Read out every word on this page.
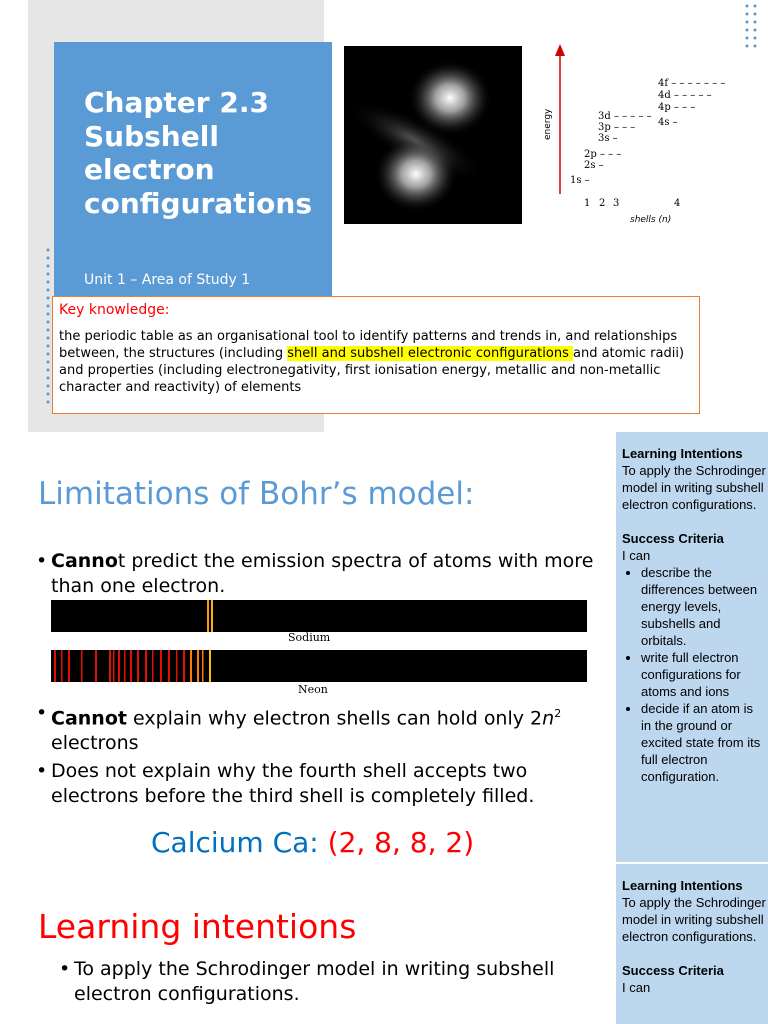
Chapter 2.3 Subshell electron configurations
Unit 1 – Area of Study 1
energy
1s –
2s –
2p – – –
3s –
3p – – –
3d – – – – –
4s –
4p – – –
4d – – – – –
4f – – – – – – –
1 2 3	4
shells (n)
Key knowledge:
the periodic table as an organisational tool to identify patterns and trends in, and relationships between, the structures (including shell and subshell electronic configurations and atomic radii) and properties (including electronegativity, first ionisation energy, metallic and non-metallic character and reactivity) of elements
Limitations of Bohr’s model:
• Cannot predict the emission spectra of atoms with more than one electron.
Sodium
Neon
• Cannot explain why electron shells can hold only $2n^2$ electrons
• Does not explain why the fourth shell accepts two electrons before the third shell is completely filled.
Calcium Ca: (2, 8, 8, 2)
Learning intentions
• To apply the Schrodinger model in writing subshell electron configurations.
Learning Intentions
To apply the Schrodinger model in writing subshell electron configurations.
Success Criteria
I can
• describe the differences between energy levels, subshells and orbitals.
• write full electron configurations for atoms and ions
• decide if an atom is in the ground or excited state from its full electron configuration.
Learning Intentions
To apply the Schrodinger model in writing subshell electron configurations.
Success Criteria
I can
